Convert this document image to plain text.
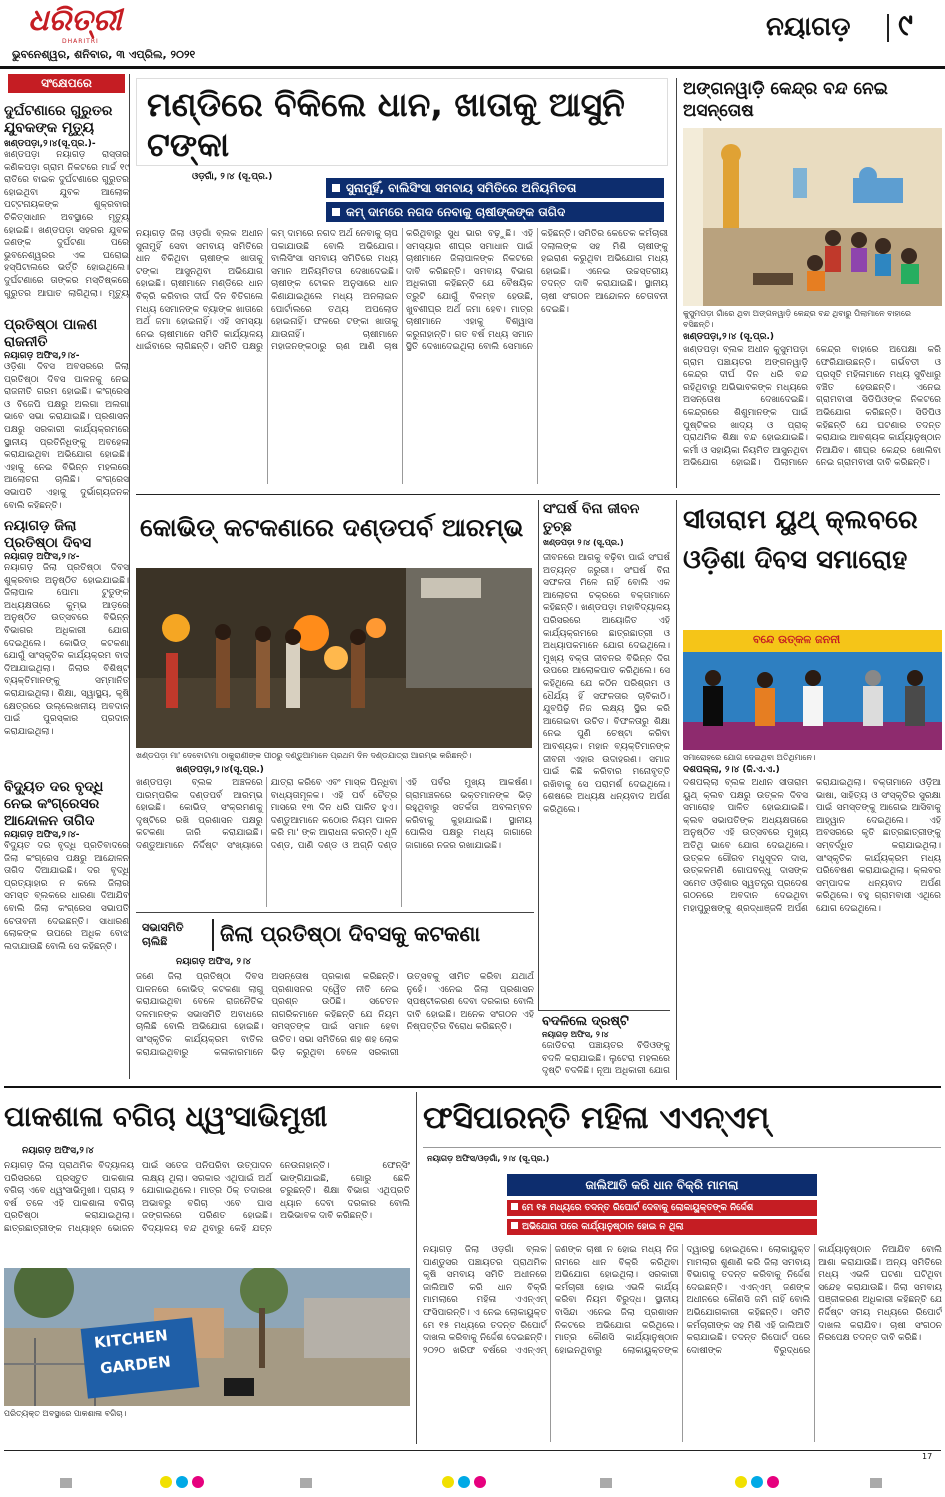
ଧରିତ୍ରୀ
DHARITRI
ଭୁବନେଶ୍ୱର, ଶନିବାର, ୩ ଏପ୍ରିଲ, ୨୦୨୧
ନୟାଗଡ଼ ୯
ସଂକ୍ଷେପରେ
ଦୁର୍ଘଟଣାରେ ଗୁରୁତର ଯୁବକଙ୍କ ମୃତ୍ୟୁ
ଖଣ୍ଡପଡ଼ା,୨।୪(ସୂ.ପ୍ର.)-
ଖଣ୍ଡପଡ଼ା ନୟାଗଡ଼ ରାସ୍ତାର କଣିକପଡ଼ା ଗ୍ରାମ ନିକଟରେ ମାର୍ଚ୍ଚ ୧୯ ରାତିରେ ବାଇକ ଦୁର୍ଘଟଣାରେ ଗୁରୁତର ହୋଇଥିବା ଯୁବକ ଆଲୋକ ପଟ୍ଟନାୟକଙ୍କ ଶୁକ୍ରବାର ଚିକିତ୍ସାଧୀନ ଅବସ୍ଥାରେ ମୃତ୍ୟୁ ହୋଇଛି। ଖଣ୍ଡପଡ଼ା ସହରର ଯୁବକ ଜଣଙ୍କ ଦୁର୍ଘଟଣା ପରେ ଭୁବନେଶ୍ୱରର ଏକ ଘରୋଇ ହସ୍ପିଟାଲରେ ଭର୍ତ୍ତି ହୋଇଥିଲେ। ଦୁର୍ଘଟଣାରେ ତାଙ୍କର ମସ୍ତିଷ୍କରେ ଗୁରୁତର ଆଘାତ ଲାଗିଥିଲା। ମୃତ୍ୟୁ
ପ୍ରତିଷ୍ଠା ପାଳଣ ରାଜନୀତି
ନୟାଗଡ଼ ଅଫିସ,୨।୪-
ଓଡ଼ିଶା ଦିବସ ଅବସରରେ ଜିଲା ପ୍ରତିଷ୍ଠା ଦିବସ ପାଳନକୁ ନେଇ ରାଜନୀତି ଗରମ ହୋଇଛି। କଂଗ୍ରେସ ଓ ବିଜେପି ପକ୍ଷରୁ ଅଲଗା ଅଲଗା ଭାବେ ସଭା କରାଯାଇଛି। ପ୍ରଶାସନ ପକ୍ଷରୁ ସରକାରୀ କାର୍ଯ୍ୟକ୍ରମରେ ସ୍ଥାନୀୟ ପ୍ରତିନିଧିଙ୍କୁ ଅବହେଳା କରାଯାଇଥିବା ଅଭିଯୋଗ ହୋଇଛି। ଏହାକୁ ନେଇ ବିଭିନ୍ନ ମହଲରେ ଆଲୋଚନା ଚାଲିଛି। କଂଗ୍ରେସ ସଭାପତି ଏହାକୁ ଦୁର୍ଭାଗ୍ୟଜନକ ବୋଲି କହିଛନ୍ତି।
ନୟାଗଡ଼ ଜିଲା ପ୍ରତିଷ୍ଠା ଦିବସ
ନୟାଗଡ଼ ଅଫିସ,୨।୪-
ନୟାଗଡ଼ ଜିଲା ପ୍ରତିଷ୍ଠା ଦିବସ ଶୁକ୍ରବାର ଅନୁଷ୍ଠିତ ହୋଇଯାଇଛି। ଜିଲାପାଳ ପୋମା ଟୁଡୁଙ୍କ ଅଧ୍ୟକ୍ଷତାରେ କୁମ୍ଭ ଆଡ଼ରେ ଅନୁଷ୍ଠିତ ଉତ୍ସବରେ ବିଭିନ୍ନ ବିଭାଗର ଅଧିକାରୀ ଯୋଗ ଦେଇଥିଲେ। କୋଭିଡ୍ କଟକଣା ଯୋଗୁଁ ସାଂସ୍କୃତିକ କାର୍ଯ୍ୟକ୍ରମ ବାଦ ଦିଆଯାଇଥିଲା। ଜିଲାର ବିଶିଷ୍ଟ ବ୍ୟକ୍ତିମାନଙ୍କୁ ସମ୍ମାନିତ କରାଯାଇଥିଲା। ଶିକ୍ଷା, ସ୍ୱାସ୍ଥ୍ୟ, କୃଷି କ୍ଷେତ୍ରରେ ଉଲ୍ଲେଖନୀୟ ଅବଦାନ ପାଇଁ ପୁରସ୍କାର ପ୍ରଦାନ କରାଯାଇଥିଲା।
ବିଦ୍ୟୁତ ଦର ବୃଦ୍ଧି ନେଇ କଂଗ୍ରେସର ଆନ୍ଦୋଳନ ତାଗିଦ
ନୟାଗଡ଼ ଅଫିସ,୨।୪-
ବିଦ୍ୟୁତ ଦର ବୃଦ୍ଧି ପ୍ରତିବାଦରେ ଜିଲା କଂଗ୍ରେସ ପକ୍ଷରୁ ଆନ୍ଦୋଳନ ତାଗିଦ ଦିଆଯାଇଛି। ଦର ବୃଦ୍ଧି ପ୍ରତ୍ୟାହାର ନ କଲେ ଜିଲାର ସମସ୍ତ ବ୍ଲକରେ ଧାରଣା ଦିଆଯିବ ବୋଲି ଜିଲା କଂଗ୍ରେସ ସଭାପତି ଚେତାବନୀ ଦେଇଛନ୍ତି। ସାଧାରଣ ଲୋକଙ୍କ ଉପରେ ଅଧିକ ବୋଝ ଲଦାଯାଉଛି ବୋଲି ସେ କହିଛନ୍ତି।
ମଣ୍ଡିରେ ବିକିଲେ ଧାନ, ଖାତାକୁ ଆସୁନି ଟଙ୍କା
ଓଡ଼ଗାଁ, ୨।୪ (ସୂ.ପ୍ର.)
ସୁନାମୁହିଁ, ବାଲିସିଂସା ସମବାୟ ସମିତିରେ ଅନିୟମିତତା
କମ୍ ଦାମରେ ନଗଦ ନେବାକୁ ଚାଷୀଙ୍କଙ୍କ ତାଗିଦ
ନୟାଗଡ଼ ଜିଲା ଓଡ଼ଗାଁ ବ୍ଲକ ଅଧୀନ ସୁନାମୁହିଁ ସେବା ସମବାୟ ସମିତିରେ ଧାନ ବିକିଥିବା ଚାଷୀଙ୍କ ଖାତାକୁ ଟଙ୍କା ଆସୁନଥିବା ଅଭିଯୋଗ ହୋଇଛି। ଚାଷୀମାନେ ମଣ୍ଡିରେ ଧାନ ବିକ୍ରି କରିବାର ଦୀର୍ଘ ଦିନ ବିତିଗଲେ ମଧ୍ୟ ସେମାନଙ୍କ ବ୍ୟାଙ୍କ ଖାତାରେ ଅର୍ଥ ଜମା ହୋଇନାହିଁ। ଏହି ସମସ୍ୟା ନେଇ ଚାଷୀମାନେ ସମିତି କାର୍ଯ୍ୟାଳୟ ଧାଇଁବାରେ ଲାଗିଛନ୍ତି। ସମିତି ପକ୍ଷରୁ କମ୍ ଦାମରେ ନଗଦ ଅର୍ଥ ନେବାକୁ ଚାପ ପକାଯାଉଛି ବୋଲି ଅଭିଯୋଗ। ବାଲିସିଂସା ସମବାୟ ସମିତିରେ ମଧ୍ୟ ସମାନ ଅନିୟମିତତା ଦେଖାଦେଇଛି। ଚାଷୀଙ୍କ ଟୋକନ ଅନୁସାରେ ଧାନ କିଣାଯାଇଥିଲେ ମଧ୍ୟ ଅନଲାଇନ ପୋର୍ଟାଲରେ ତଥ୍ୟ ଅପଲୋଡ ହୋଇନାହିଁ। ଫଳରେ ଟଙ୍କା ଖାତାକୁ ଯାଉନାହିଁ। ଚାଷୀମାନେ ମହାଜନଙ୍କଠାରୁ ଋଣ ଆଣି ଚାଷ କରିଥିବାରୁ ସୁଧ ଭାର ବଢ଼ୁଛି। ଏହି ସମସ୍ୟାର ଶୀଘ୍ର ସମାଧାନ ପାଇଁ ଚାଷୀମାନେ ଜିଲାପାଳଙ୍କ ନିକଟରେ ଦାବି କରିଛନ୍ତି। ସମବାୟ ବିଭାଗ ଅଧିକାରୀ କହିଛନ୍ତି ଯେ ବୈଷୟିକ ତ୍ରୁଟି ଯୋଗୁଁ ବିଳମ୍ବ ହେଉଛି, ଖୁବଶୀଘ୍ର ଅର୍ଥ ଜମା ହେବ। ମାତ୍ର ଚାଷୀମାନେ ଏହାକୁ ବିଶ୍ୱାସ କରୁନାହାନ୍ତି। ଗତ ବର୍ଷ ମଧ୍ୟ ସମାନ ସ୍ଥିତି ଦେଖାଦେଇଥିଲା ବୋଲି ସେମାନେ କହିଛନ୍ତି। ସମିତିର କେତେକ କର୍ମଚାରୀ ଦଲାଲଙ୍କ ସହ ମିଶି ଚାଷୀଙ୍କୁ ହଇରାଣ କରୁଥିବା ଅଭିଯୋଗ ମଧ୍ୟ ହୋଇଛି। ଏନେଇ ଉଚ୍ଚସ୍ତରୀୟ ତଦନ୍ତ ଦାବି କରାଯାଇଛି। ସ୍ଥାନୀୟ ଚାଷୀ ସଂଗଠନ ଆନ୍ଦୋଳନ ଚେତାବନୀ ଦେଇଛି।
ଅଙ୍ଗନୱାଡ଼ି କେନ୍ଦ୍ର ବନ୍ଦ ନେଇ ଅସନ୍ତୋଷ
କୁସୁମପଡ଼ା ଗାଁରେ ଥିବା ଅଙ୍ଗନୱାଡ଼ି କେନ୍ଦ୍ର ବନ୍ଦ ଥିବାରୁ ପିଲାମାନେ ବାହାରେ ବସିଛନ୍ତି।
ଖଣ୍ଡପଡ଼ା,୨।୪ (ସୂ.ପ୍ର.)
ଖଣ୍ଡପଡ଼ା ବ୍ଲକ ଅଧୀନ କୁସୁମପଡ଼ା ଗ୍ରାମ ପଞ୍ଚାୟତର ଅଙ୍ଗନୱାଡ଼ି କେନ୍ଦ୍ର ଦୀର୍ଘ ଦିନ ଧରି ବନ୍ଦ ରହିଥିବାରୁ ଅଭିଭାବକଙ୍କ ମଧ୍ୟରେ ଅସନ୍ତୋଷ ଦେଖାଦେଇଛି। କେନ୍ଦ୍ରରେ ଶିଶୁମାନଙ୍କ ପାଇଁ ପୁଷ୍ଟିକର ଖାଦ୍ୟ ଓ ପ୍ରାକ୍ ପ୍ରାଥମିକ ଶିକ୍ଷା ବନ୍ଦ ହୋଇଯାଇଛି। କର୍ମୀ ଓ ସହାୟିକା ନିୟମିତ ଆସୁନଥିବା ଅଭିଯୋଗ ହୋଇଛି। ପିଲାମାନେ କେନ୍ଦ୍ର ବାହାରେ ଅପେକ୍ଷା କରି ଫେରିଯାଉଛନ୍ତି। ଗର୍ଭବତୀ ଓ ପ୍ରସୂତି ମହିଳାମାନେ ମଧ୍ୟ ସୁବିଧାରୁ ବଞ୍ଚିତ ହେଉଛନ୍ତି। ଏନେଇ ଗ୍ରାମବାସୀ ସିଡିପିଓଙ୍କ ନିକଟରେ ଅଭିଯୋଗ କରିଛନ୍ତି। ସିଡିପିଓ କହିଛନ୍ତି ଯେ ଘଟଣାର ତଦନ୍ତ କରାଯାଇ ଆବଶ୍ୟକ କାର୍ଯ୍ୟାନୁଷ୍ଠାନ ନିଆଯିବ। ଶୀଘ୍ର କେନ୍ଦ୍ର ଖୋଲିବା ନେଇ ଗ୍ରାମବାସୀ ଦାବି କରିଛନ୍ତି।
କୋଭିଡ୍ କଟକଣାରେ ଦଣ୍ଡପର୍ବ ଆରମ୍ଭ
ଖଣ୍ଡପଡ଼ା ମା' ଦେବୋଟାମା ଠାକୁରାଣୀଙ୍କ ପୀଠରୁ ଦଣ୍ଡୁଆମାନେ ପ୍ରଥମ ଦିନ ଦଣ୍ଡଯାତ୍ରା ଆରମ୍ଭ କରିଛନ୍ତି।
ଖଣ୍ଡପଡ଼ା,୨।୪(ସୂ.ପ୍ର.)
ଖଣ୍ଡପଡ଼ା ବ୍ଲକ ଅଞ୍ଚଳରେ ପାରମ୍ପରିକ ଦଣ୍ଡପର୍ବ ଆରମ୍ଭ ହୋଇଛି। କୋଭିଡ୍ ସଂକ୍ରମଣକୁ ଦୃଷ୍ଟିରେ ରଖି ପ୍ରଶାସନ ପକ୍ଷରୁ କଟକଣା ଜାରି କରାଯାଇଛି। ଦଣ୍ଡୁଆମାନେ ନିର୍ଦ୍ଦିଷ୍ଟ ସଂଖ୍ୟାରେ ଯାତ୍ରା କରିବେ ଏବଂ ମାସ୍କ ପିନ୍ଧିବା ବାଧ୍ୟତାମୂଳକ। ଏହି ପର୍ବ ଚୈତ୍ର ମାସରେ ୧୩ ଦିନ ଧରି ପାଳିତ ହୁଏ। ଦଣ୍ଡୁଆମାନେ କଠୋର ନିୟମ ପାଳନ କରି ମା' ଙ୍କ ଆରାଧନା କରନ୍ତି। ଧୂଳି ଦଣ୍ଡ, ପାଣି ଦଣ୍ଡ ଓ ଅଗ୍ନି ଦଣ୍ଡ ଏହି ପର୍ବର ମୁଖ୍ୟ ଆକର୍ଷଣ। ଗ୍ରାମାଞ୍ଚଳରେ ଭକ୍ତମାନଙ୍କ ଭିଡ଼ ରହୁଥିବାରୁ ସତର୍କତା ଅବଲମ୍ବନ କରିବାକୁ କୁହାଯାଇଛି। ସ୍ଥାନୀୟ ପୋଲିସ ପକ୍ଷରୁ ମଧ୍ୟ ଜାଗାରେ ଜାଗାରେ ନଜର ରଖାଯାଇଛି।
ସଂଘର୍ଷ ବିନା ଜୀବନ ତୁଚ୍ଛ
ଖଣ୍ଡପଡ଼ା ୨।୪ (ସୂ.ପ୍ର.)
ଜୀବନରେ ଆଗକୁ ବଢ଼ିବା ପାଇଁ ସଂଘର୍ଷ ଅତ୍ୟନ୍ତ ଜରୁରୀ। ସଂଘର୍ଷ ବିନା ସଫଳତା ମିଳେ ନାହିଁ ବୋଲି ଏକ ଆଲୋଚନା ଚକ୍ରରେ ବକ୍ତାମାନେ କହିଛନ୍ତି। ଖଣ୍ଡପଡ଼ା ମହାବିଦ୍ୟାଳୟ ପରିସରରେ ଆୟୋଜିତ ଏହି କାର୍ଯ୍ୟକ୍ରମରେ ଛାତ୍ରଛାତ୍ରୀ ଓ ଅଧ୍ୟାପକମାନେ ଯୋଗ ଦେଇଥିଲେ। ମୁଖ୍ୟ ବକ୍ତା ଜୀବନର ବିଭିନ୍ନ ଦିଗ ଉପରେ ଆଲୋକପାତ କରିଥିଲେ। ସେ କହିଥିଲେ ଯେ କଠିନ ପରିଶ୍ରମ ଓ ଧୈର୍ଯ୍ୟ ହିଁ ସଫଳତାର ଚାବିକାଠି। ଯୁବପିଢ଼ି ନିଜ ଲକ୍ଷ୍ୟ ସ୍ଥିର କରି ଆଗେଇବା ଉଚିତ। ବିଫଳତାରୁ ଶିକ୍ଷା ନେଇ ପୁଣି ଚେଷ୍ଟା କରିବା ଆବଶ୍ୟକ। ମହାନ ବ୍ୟକ୍ତିମାନଙ୍କ ଜୀବନୀ ଏହାର ଉଦାହରଣ। ସମାଜ ପାଇଁ କିଛି କରିବାର ମନୋବୃତ୍ତି ରଖିବାକୁ ସେ ପରାମର୍ଶ ଦେଇଥିଲେ। ଶେଷରେ ଅଧ୍ୟକ୍ଷ ଧନ୍ୟବାଦ ଅର୍ପଣ କରିଥିଲେ।
ସୀତାରାମ ୟୁଥ୍ କ୍ଲବରେ ଓଡ଼ିଶା ଦିବସ ସମାରୋହ
ବନ୍ଦେ ଉତ୍କଳ ଜନନୀ
ସମାରୋହରେ ଯୋଗ ଦେଇଥିବା ଅତିଥିମାନେ।
ଦଶପଲ୍ଲା, ୨।୪ (ଜି.ଏ.ଏ.)
ଦଶପଲ୍ଲା ବ୍ଲକ ଅଧୀନ ସୀତାରାମ ୟୁଥ୍ କ୍ଲବ ପକ୍ଷରୁ ଉତ୍କଳ ଦିବସ ସମାରୋହ ପାଳିତ ହୋଇଯାଇଛି। କ୍ଲବ ସଭାପତିଙ୍କ ଅଧ୍ୟକ୍ଷତାରେ ଅନୁଷ୍ଠିତ ଏହି ଉତ୍ସବରେ ମୁଖ୍ୟ ଅତିଥି ଭାବେ ଯୋଗ ଦେଇଥିଲେ। ଉତ୍କଳ ଗୌରବ ମଧୁସୂଦନ ଦାସ, ଉତ୍କଳମଣି ଗୋପବନ୍ଧୁ ଦାସଙ୍କ ସମେତ ଓଡ଼ିଶାର ସ୍ୱତନ୍ତ୍ର ପ୍ରଦେଶ ଗଠନରେ ଅବଦାନ ଦେଇଥିବା ମହାପୁରୁଷଙ୍କୁ ଶ୍ରଦ୍ଧାଞ୍ଜଳି ଅର୍ପଣ କରାଯାଇଥିଲା। ବକ୍ତାମାନେ ଓଡ଼ିଆ ଭାଷା, ସାହିତ୍ୟ ଓ ସଂସ୍କୃତିର ସୁରକ୍ଷା ପାଇଁ ସମସ୍ତଙ୍କୁ ଆଗେଇ ଆସିବାକୁ ଆହ୍ୱାନ ଦେଇଥିଲେ। ଏହି ଅବସରରେ କୃତି ଛାତ୍ରଛାତ୍ରୀଙ୍କୁ ସମ୍ବର୍ଦ୍ଧିତ କରାଯାଇଥିଲା। ସାଂସ୍କୃତିକ କାର୍ଯ୍ୟକ୍ରମ ମଧ୍ୟ ପରିବେଷଣ କରାଯାଇଥିଲା। କ୍ଲବର ସମ୍ପାଦକ ଧନ୍ୟବାଦ ଅର୍ପଣ କରିଥିଲେ। ବହୁ ଗ୍ରାମବାସୀ ଏଥିରେ ଯୋଗ ଦେଇଥିଲେ।
ସଭାସମିତି ଚାଲିଛି	ଜିଲା ପ୍ରତିଷ୍ଠା ଦିବସକୁ କଟକଣା
ନୟାଗଡ଼ ଅଫିସ, ୨।୪
ଜଣେ ଜିଲା ପ୍ରତିଷ୍ଠା ଦିବସ ପାଳନରେ କୋଭିଡ୍ କଟକଣା ଲାଗୁ କରାଯାଇଥିବା ବେଳେ ରାଜନୈତିକ ଦଳମାନଙ୍କ ସଭାସମିତି ଅବାଧରେ ଚାଲିଛି ବୋଲି ଅଭିଯୋଗ ହୋଇଛି। ସାଂସ୍କୃତିକ କାର୍ଯ୍ୟକ୍ରମ ବାତିଲ କରାଯାଇଥିବାରୁ କଳାକାରମାନେ ଅସନ୍ତୋଷ ପ୍ରକାଶ କରିଛନ୍ତି। ପ୍ରଶାସନର ଦ୍ୱୈତ ନୀତି ନେଇ ପ୍ରଶ୍ନ ଉଠିଛି। ସଚେତନ ନାଗରିକମାନେ କହିଛନ୍ତି ଯେ ନିୟମ ସମସ୍ତଙ୍କ ପାଇଁ ସମାନ ହେବା ଉଚିତ। ସଭା ସମିତିରେ ଶହ ଶହ ଲୋକ ଭିଡ଼ କରୁଥିବା ବେଳେ ସରକାରୀ ଉତ୍ସବକୁ ସୀମିତ କରିବା ଯଥାର୍ଥ ନୁହେଁ। ଏନେଇ ଜିଲା ପ୍ରଶାସନ ସ୍ପଷ୍ଟୀକରଣ ଦେବା ଦରକାର ବୋଲି ଦାବି ହୋଇଛି। ଅନେକ ସଂଗଠନ ଏହି ନିଷ୍ପତ୍ତିର ବିରୋଧ କରିଛନ୍ତି।	ବଦଳିଲେ ଦ୍ରଷ୍ଟି
ନୟାଗଡ଼ ଅଫିସ, ୨।୪
ଜୋଡିଚରା ପଞ୍ଚାୟତର ବିଡିଓଙ୍କୁ ବଦଳି କରାଯାଇଛି। ଲୁଟେରା ମହଲରେ ଦୃଷ୍ଟି ବଦଳିଛି। ନୂଆ ଅଧିକାରୀ ଯୋଗ
ପାକଶାଳା ବଗିଚା ଧ୍ୱଂସାଭିମୁଖୀ
ନୟାଗଡ଼ ଅଫିସ,୨।୪
ନୟାଗଡ଼ ଜିଲା ପ୍ରାଥମିକ ବିଦ୍ୟାଳୟ ପରିସରରେ ପ୍ରସ୍ତୁତ ପାକଶାଳା ବଗିଚା ଏବେ ଧ୍ୱଂସାଭିମୁଖୀ। ପ୍ରାୟ ୨ ବର୍ଷ ତଳେ ଏହି ପାକଶାଳା ବଗିଚା ପ୍ରତିଷ୍ଠା କରାଯାଇଥିଲା। ଛାତ୍ରଛାତ୍ରୀଙ୍କ ମଧ୍ୟାହ୍ନ ଭୋଜନ ପାଇଁ ସତେଜ ପନିପରିବା ଉତ୍ପାଦନ ଲକ୍ଷ୍ୟ ଥିଲା। ସରକାର ଏଥିପାଇଁ ଅର୍ଥ ଯୋଗାଇଥିଲେ। ମାତ୍ର ଠିକ୍ ତଦାରଖ ଅଭାବରୁ ବଗିଚା ଏବେ ଘାସ ଜଙ୍ଗଲରେ ପରିଣତ ହୋଇଛି। ବିଦ୍ୟାଳୟ ବନ୍ଦ ଥିବାରୁ କେହି ଯତ୍ନ ନେଉନାହାନ୍ତି। ଫେନ୍ସିଂ ଭାଙ୍ଗିଯାଇଛି, ଗୋରୁ ଛେଳି ଚରୁଛନ୍ତି। ଶିକ୍ଷା ବିଭାଗ ଏଥିପ୍ରତି ଧ୍ୟାନ ଦେବା ଦରକାର ବୋଲି ଅଭିଭାବକ ଦାବି କରିଛନ୍ତି।
KITCHEN
GARDEN
ପରିତ୍ୟକ୍ତ ଅବସ୍ଥାରେ ପାକଶାଳା ବଗିଚା।
ଫସିପାରନ୍ତି ମହିଳା ଏଏନ୍ଏମ୍
ନୟାଗଡ଼ ଅଫିସ/ଓଡ଼ଗାଁ, ୨।୪ (ସୂ.ପ୍ର.)
ଜାଲିଆତି କରି ଧାନ ବିକ୍ରି ମାମଲା
ମେ ୧୫ ମଧ୍ୟରେ ତଦନ୍ତ ରିପୋର୍ଟ ଦେବାକୁ ଲୋକାୟୁକ୍ତଙ୍କ ନିର୍ଦ୍ଦେଶ
ଅଭିଯୋଗ ପରେ କାର୍ଯ୍ୟାନୁଷ୍ଠାନ ହୋଇ ନ ଥିଲା
ନୟାଗଡ଼ ଜିଲା ଓଡ଼ଗାଁ ବ୍ଲକ ପାଣ୍ଡୁସର ପଞ୍ଚାୟତର ପ୍ରାଥମିକ କୃଷି ସମବାୟ ସମିତି ଅଧୀନରେ ଜାଲିଆତି କରି ଧାନ ବିକ୍ରି ମାମଲାରେ ମହିଳା ଏଏନ୍ଏମ୍ ଫସିପାରନ୍ତି। ଏ ନେଇ ଲୋକାୟୁକ୍ତ ମେ ୧୫ ମଧ୍ୟରେ ତଦନ୍ତ ରିପୋର୍ଟ ଦାଖଲ କରିବାକୁ ନିର୍ଦ୍ଦେଶ ଦେଇଛନ୍ତି। ୨୦୨୦ ଖରିଫ ବର୍ଷରେ ଏଏନ୍ଏମ୍ ଜଣଙ୍କ ଚାଷୀ ନ ହୋଇ ମଧ୍ୟ ନିଜ ନାମରେ ଧାନ ବିକ୍ରି କରିଥିବା ଅଭିଯୋଗ ହୋଇଥିଲା। ସରକାରୀ କର୍ମଚାରୀ ହୋଇ ଏଭଳି କାର୍ଯ୍ୟ କରିବା ନିୟମ ବିରୁଦ୍ଧ। ସ୍ଥାନୀୟ ବାସିନ୍ଦା ଏନେଇ ଜିଲା ପ୍ରଶାସନ ନିକଟରେ ଅଭିଯୋଗ କରିଥିଲେ। ମାତ୍ର କୌଣସି କାର୍ଯ୍ୟାନୁଷ୍ଠାନ ହୋଇନଥିବାରୁ ଲୋକାୟୁକ୍ତଙ୍କ ଦ୍ୱାରସ୍ଥ ହୋଇଥିଲେ। ଲୋକାୟୁକ୍ତ ମାମଲାର ଶୁଣାଣି କରି ଜିଲା ସମବାୟ ବିଭାଗକୁ ତଦନ୍ତ କରିବାକୁ ନିର୍ଦ୍ଦେଶ ଦେଇଛନ୍ତି। ଏଏନ୍ଏମ୍ ଜଣଙ୍କ ଅଧୀନରେ କୌଣସି ଜମି ନାହିଁ ବୋଲି ଅଭିଯୋଗକାରୀ କହିଛନ୍ତି। ସମିତି କର୍ମଚାରୀଙ୍କ ସହ ମିଶି ଏହି ଜାଲିଆତି କରାଯାଇଛି। ତଦନ୍ତ ରିପୋର୍ଟ ପରେ ଦୋଷୀଙ୍କ ବିରୁଦ୍ଧରେ କାର୍ଯ୍ୟାନୁଷ୍ଠାନ ନିଆଯିବ ବୋଲି ଆଶା କରାଯାଉଛି। ଅନ୍ୟ ସମିତିରେ ମଧ୍ୟ ଏଭଳି ଘଟଣା ଘଟିଥିବା ସନ୍ଦେହ କରାଯାଉଛି। ଜିଲା ସମବାୟ ପଞ୍ଜୀକରଣ ଅଧିକାରୀ କହିଛନ୍ତି ଯେ ନିର୍ଦ୍ଦିଷ୍ଟ ସମୟ ମଧ୍ୟରେ ରିପୋର୍ଟ ଦାଖଲ କରାଯିବ। ଚାଷୀ ସଂଗଠନ ନିରପେକ୍ଷ ତଦନ୍ତ ଦାବି କରିଛି।
17
